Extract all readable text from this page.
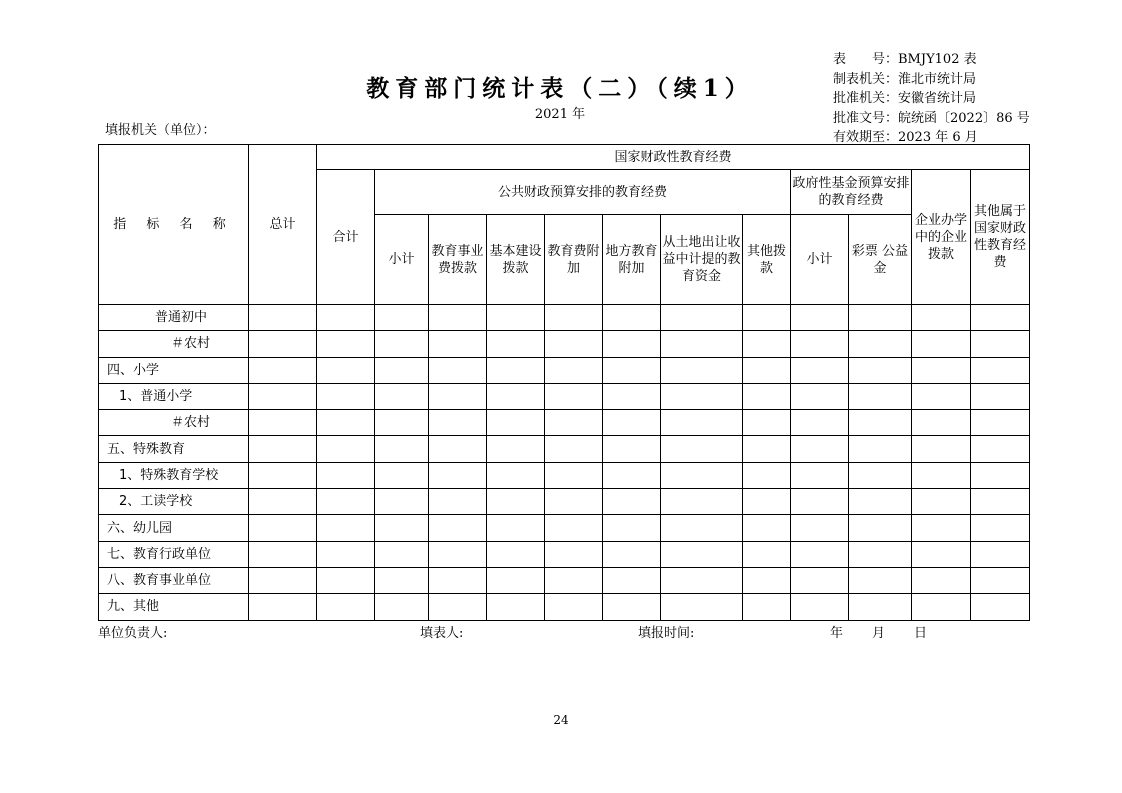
表　　号：BMJY102 表
制表机关：淮北市统计局
批准机关：安徽省统计局
批准文号：皖统函〔2022〕86 号
有效期至：2023 年 6 月
教育部门统计表（二）（续1）
2021 年
填报机关（单位）：
指 标 名 称	总计	国家财政性教育经费											
		合计	公共财政预算安排的教育经费							政府性基金预算安排的教育经费		企业办学中的企业拨款	其他属于国家财政性教育经费
			小计	教育事业费拨款	基本建设拨款	教育费附加	地方教育附加	从土地出让收益中计提的教育资金	其他拨款	小计	彩票 公益金		
普通初中													
＃农村													
四、小学													
1、普通小学													
＃农村													
五、特殊教育													
1、特殊教育学校													
2、工读学校													
六、幼儿园													
七、教育行政单位													
八、教育事业单位													
九、其他													
单位负责人:	填表人:	填报时间:	年 月 日
24
